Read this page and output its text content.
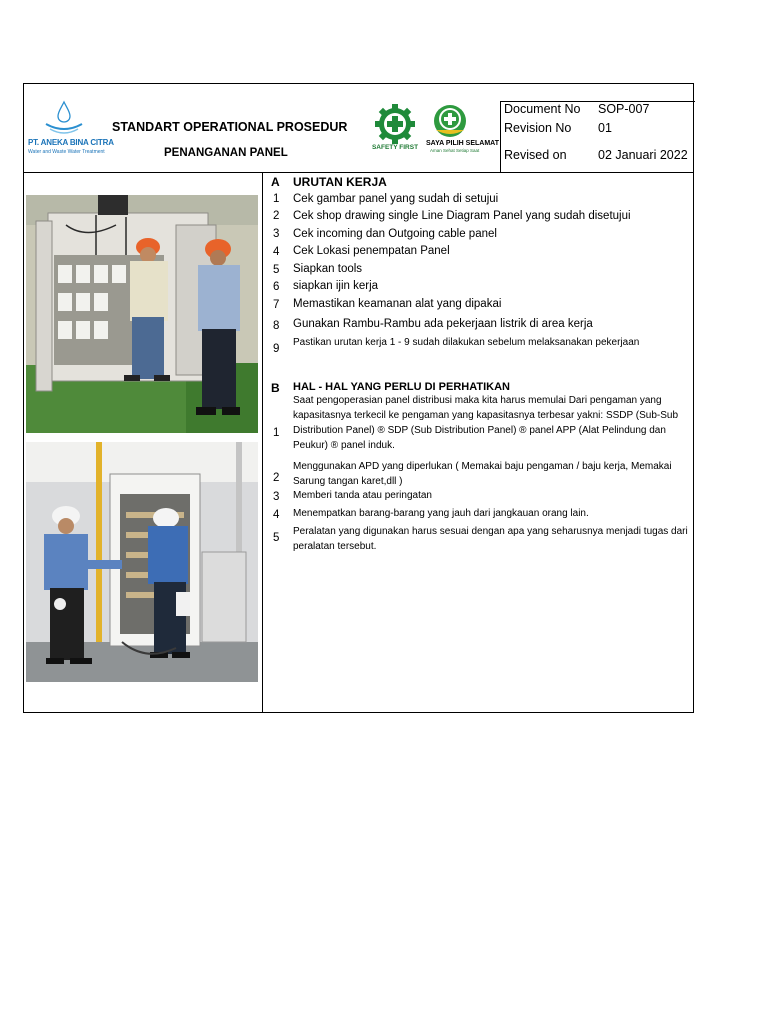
PT. ANEKA BINA CITRA
Water and Waste Water Treatment
STANDART OPERATIONAL PROSEDUR
PENANGANAN PANEL	SAFETY FIRST
SAYA PILIH SELAMAT
Aman Sehat Setiap Saat
Document No SOP-007
Revision No 01
Revised on	02 Januari 2022
A URUTAN KERJA
1 Cek gambar panel yang sudah di setujui
2 Cek shop drawing single Line Diagram Panel yang sudah disetujui
3 Cek incoming dan Outgoing cable panel
4 Cek Lokasi penempatan Panel
5 Siapkan tools
6 siapkan ijin kerja
7 Memastikan keamanan alat yang dipakai
8 Gunakan Rambu-Rambu ada pekerjaan listrik di area kerja
9
Pastikan urutan kerja 1 - 9 sudah dilakukan sebelum melaksanakan pekerjaan
B HAL - HAL YANG PERLU DI PERHATIKAN
1
Saat pengoperasian panel distribusi maka kita harus memulai Dari pengaman yang kapasitasnya terkecil ke pengaman yang kapasitasnya terbesar yakni: SSDP (Sub-Sub Distribution Panel) ® SDP (Sub Distribution Panel) ® panel APP (Alat Pelindung dan Peukur) ® panel induk.
2
Menggunakan APD yang diperlukan ( Memakai baju pengaman / baju kerja, Memakai Sarung tangan karet,dll )
3 Memberi tanda atau peringatan
4 Menempatkan barang-barang yang jauh dari jangkauan orang lain.
5
Peralatan yang digunakan harus sesuai dengan apa yang seharusnya menjadi tugas dari peralatan tersebut.
